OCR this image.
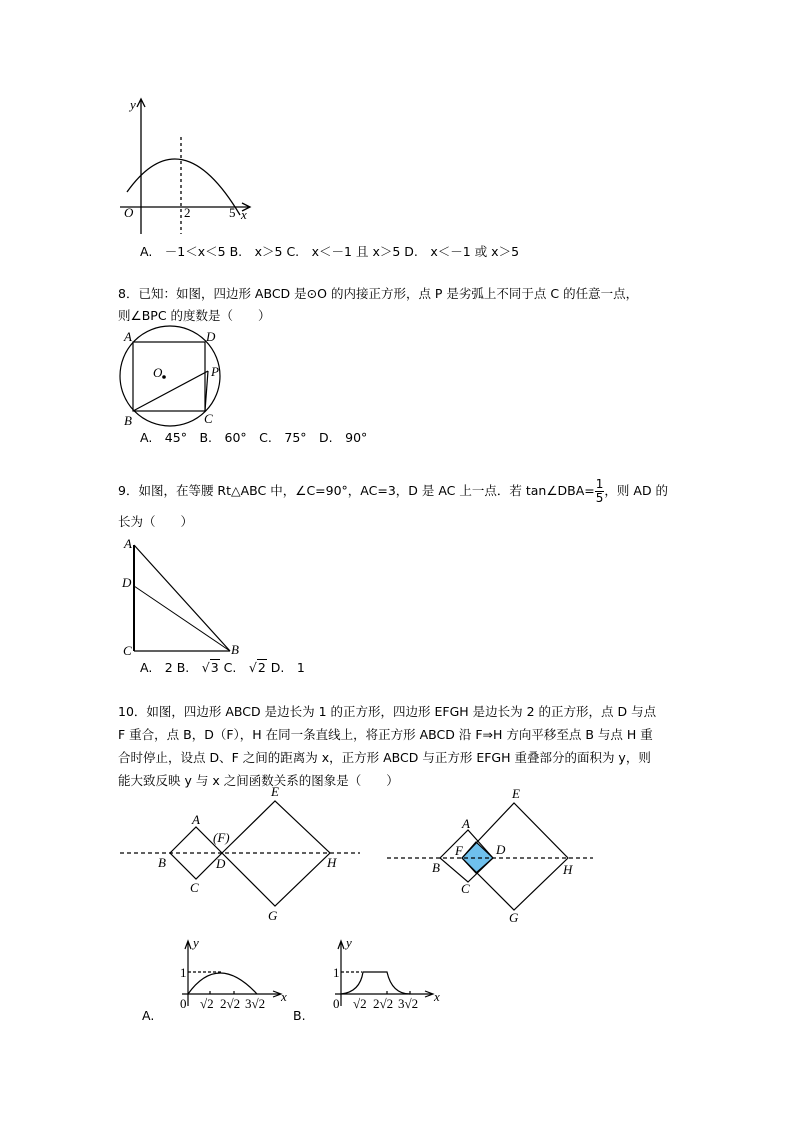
y
O	2	5 x
A	D
B	C
O	P
A
D
C	B
A
(F)
B	D
C
E
H
G
A
F	D
B
C
E
H
G
0
1
√2 2√2 3√2
y
x	0
1
√2 2√2 3√2
y
x
A.　－1＜x＜5 B.　x＞5 C.　x＜－1 且 x＞5 D.　x＜－1 或 x＞5
8．已知：如图，四边形 ABCD 是⊙O 的内接正方形，点 P 是劣弧上不同于点 C 的任意一点，
则∠BPC 的度数是（　　）
A.　45°　B.　60°　C.　75°　D.　90°
9．如图，在等腰 Rt△ABC 中，∠C=90°，AC=3，D 是 AC 上一点．若 tan∠DBA= $\frac{1}{5}$ ，则 AD 的
长为（　　）
A.　2 B.　√3 C.　√2 D.　1
10．如图，四边形 ABCD 是边长为 1 的正方形，四边形 EFGH 是边长为 2 的正方形，点 D 与点
F 重合，点 B，D（F），H 在同一条直线上，将正方形 ABCD 沿 F⇒H 方向平移至点 B 与点 H 重
合时停止，设点 D、F 之间的距离为 x，正方形 ABCD 与正方形 EFGH 重叠部分的面积为 y，则
能大致反映 y 与 x 之间函数关系的图象是（　　）
A.	B.
